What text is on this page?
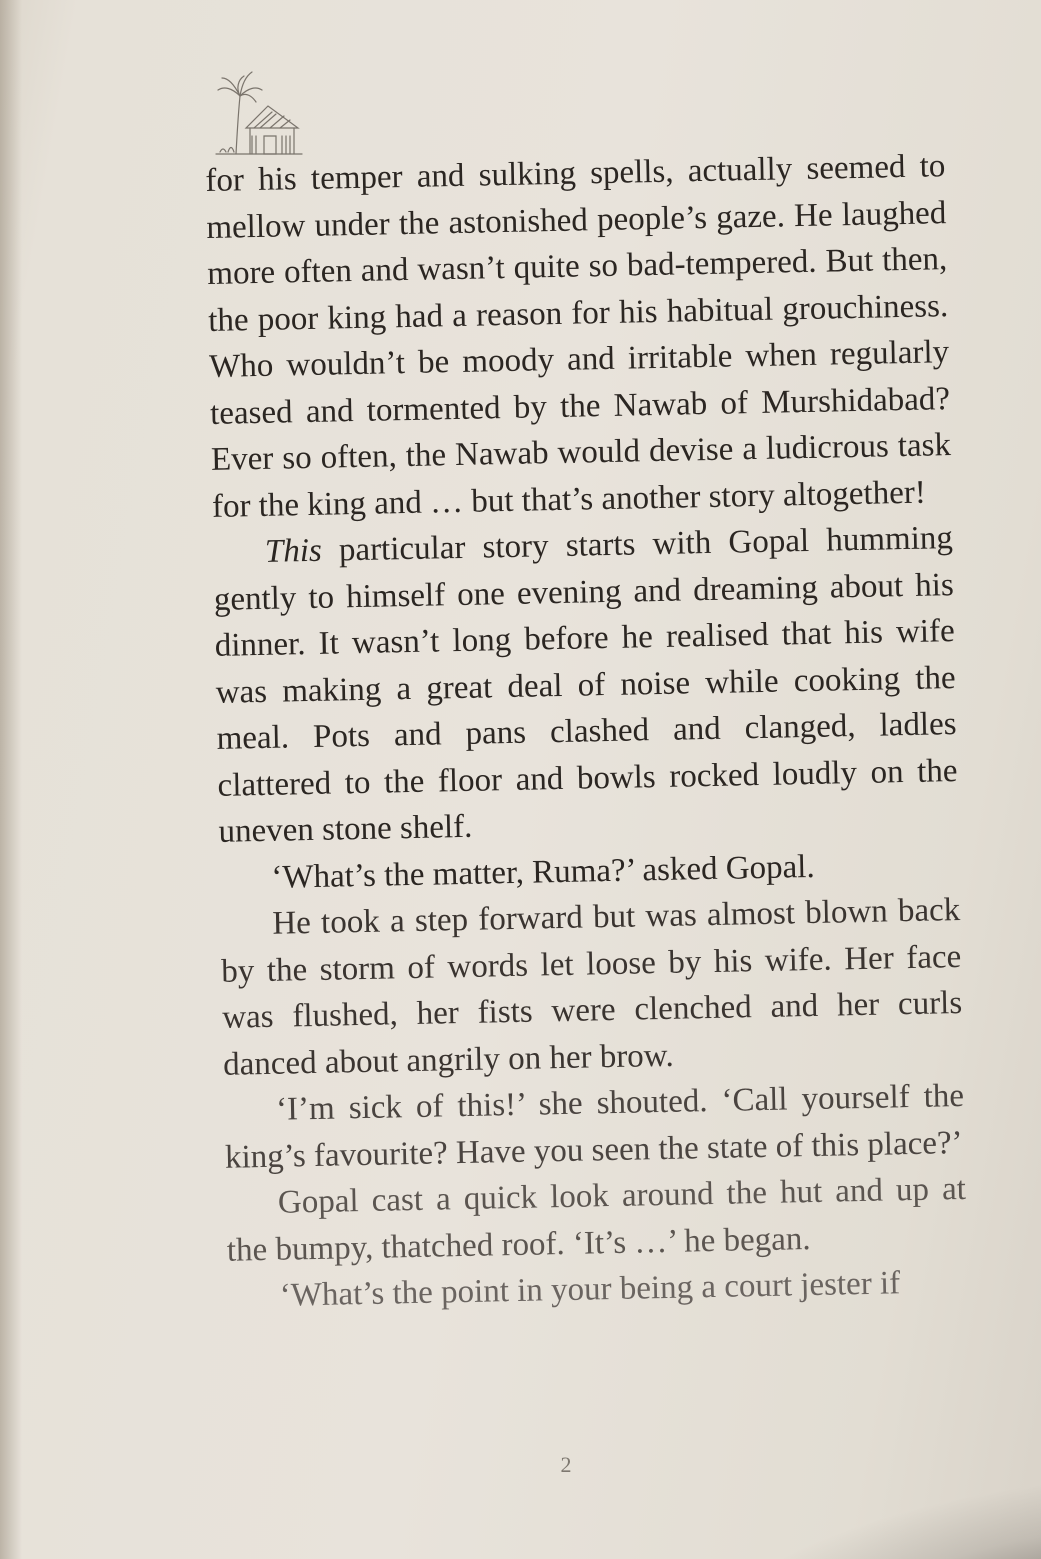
for his temper and sulking spells, actually seemed to mellow under the astonished people’s gaze. He laughed more often and wasn’t quite so bad-tempered. But then, the poor king had a reason for his habitual grouchiness. Who wouldn’t be moody and irritable when regularly teased and tormented by the Nawab of Murshidabad? Ever so often, the Nawab would devise a ludicrous task for the king and … but that’s another story altogether!

This particular story starts with Gopal humming gently to himself one evening and dreaming about his dinner. It wasn’t long before he realised that his wife was making a great deal of noise while cooking the meal. Pots and pans clashed and clanged, ladles clattered to the floor and bowls rocked loudly on the uneven stone shelf.

‘What’s the matter, Ruma?’ asked Gopal.

He took a step forward but was almost blown back by the storm of words let loose by his wife. Her face was flushed, her fists were clenched and her curls danced about angrily on her brow.

‘I’m sick of this!’ she shouted. ‘Call yourself the king’s favourite? Have you seen the state of this place?’

Gopal cast a quick look around the hut and up at the bumpy, thatched roof. ‘It’s …’ he began.

‘What’s the point in your being a court jester if

2
